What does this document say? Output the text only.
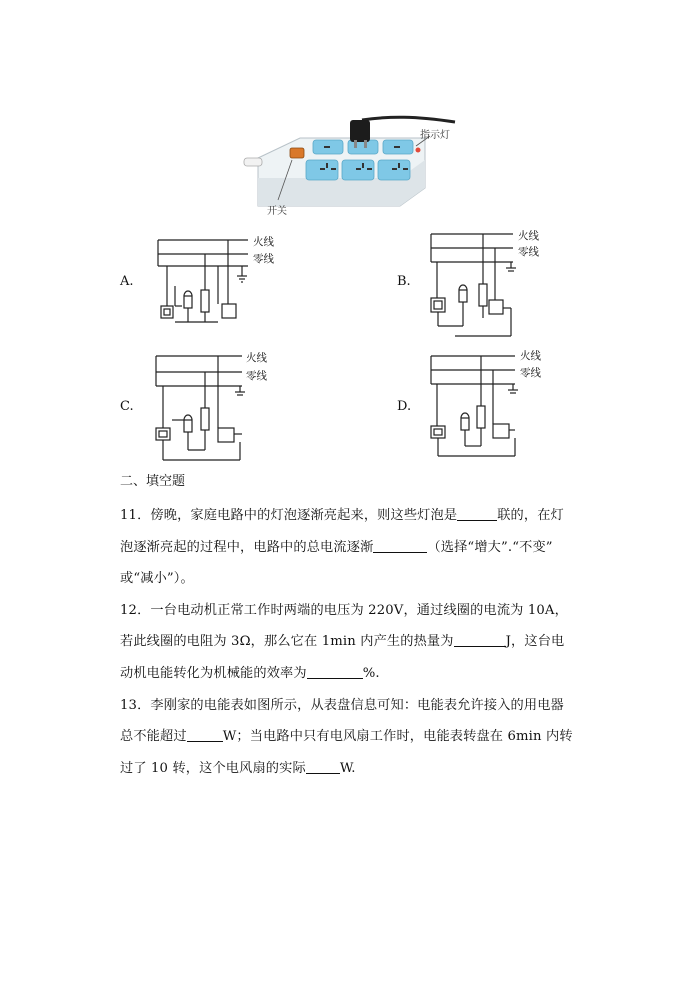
指示灯
开关
A.
火线
零线
B.
火线
零线
C.
火线
零线
D.
火线
零线
二、填空题
11．傍晚，家庭电路中的灯泡逐渐亮起来，则这些灯泡是	联的，在灯
泡逐渐亮起的过程中，电路中的总电流逐渐	（选择“增大”.“不变”
或“减小”）。
12．一台电动机正常工作时两端的电压为 220V，通过线圈的电流为 10A，
若此线圈的电阻为 3Ω，那么它在 1min 内产生的热量为	J，这台电
动机电能转化为机械能的效率为	%.
13．李刚家的电能表如图所示，从表盘信息可知：电能表允许接入的用电器
总不能超过	W；当电路中只有电风扇工作时，电能表转盘在 6min 内转
过了 10 转，这个电风扇的实际	W.
